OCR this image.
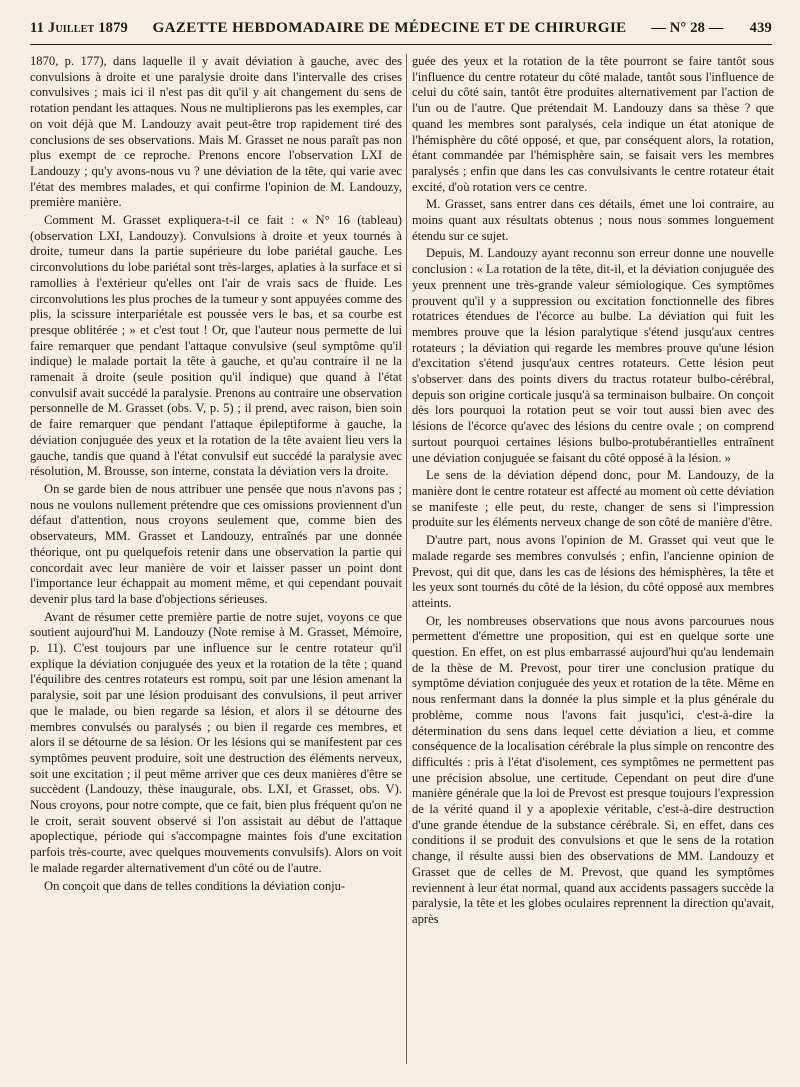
11 Juillet 1879 GAZETTE HEBDOMADAIRE DE MÉDECINE ET DE CHIRURGIE — N° 28 — 439

1870, p. 177), dans laquelle il y avait déviation à gauche, avec des convulsions à droite et une paralysie droite dans l'intervalle des crises convulsives ; mais ici il n'est pas dit qu'il y ait changement du sens de rotation pendant les attaques. Nous ne multiplierons pas les exemples, car on voit déjà que M. Landouzy avait peut-être trop rapidement tiré des conclusions de ses observations. Mais M. Grasset ne nous paraît pas non plus exempt de ce reproche. Prenons encore l'observation LXI de Landouzy ; qu'y avons-nous vu ? une déviation de la tête, qui varie avec l'état des membres malades, et qui confirme l'opinion de M. Landouzy, première manière.

Comment M. Grasset expliquera-t-il ce fait : « N° 16 (tableau) (observation LXI, Landouzy). Convulsions à droite et yeux tournés à droite, tumeur dans la partie supérieure du lobe pariétal gauche. Les circonvolutions du lobe pariétal sont très-larges, aplaties à la surface et si ramollies à l'extérieur qu'elles ont l'air de vrais sacs de fluide. Les circonvolutions les plus proches de la tumeur y sont appuyées comme des plis, la scissure interpariétale est poussée vers le bas, et sa courbe est presque oblitérée ; » et c'est tout ! Or, que l'auteur nous permette de lui faire remarquer que pendant l'attaque convulsive (seul symptôme qu'il indique) le malade portait la tête à gauche, et qu'au contraire il ne la ramenait à droite (seule position qu'il indique) que quand à l'état convulsif avait succédé la paralysie. Prenons au contraire une observation personnelle de M. Grasset (obs. V, p. 5) ; il prend, avec raison, bien soin de faire remarquer que pendant l'attaque épileptiforme à gauche, la déviation conjuguée des yeux et la rotation de la tête avaient lieu vers la gauche, tandis que quand à l'état convulsif eut succédé la paralysie avec résolution, M. Brousse, son interne, constata la déviation vers la droite.

On se garde bien de nous attribuer une pensée que nous n'avons pas ; nous ne voulons nullement prétendre que ces omissions proviennent d'un défaut d'attention, nous croyons seulement que, comme bien des observateurs, MM. Grasset et Landouzy, entraînés par une donnée théorique, ont pu quelquefois retenir dans une observation la partie qui concordait avec leur manière de voir et laisser passer un point dont l'importance leur échappait au moment même, et qui cependant pouvait devenir plus tard la base d'objections sérieuses.

Avant de résumer cette première partie de notre sujet, voyons ce que soutient aujourd'hui M. Landouzy (Note remise à M. Grasset, Mémoire, p. 11). C'est toujours par une influence sur le centre rotateur qu'il explique la déviation conjuguée des yeux et la rotation de la tête ; quand l'équilibre des centres rotateurs est rompu, soit par une lésion amenant la paralysie, soit par une lésion produisant des convulsions, il peut arriver que le malade, ou bien regarde sa lésion, et alors il se détourne des membres convulsés ou paralysés ; ou bien il regarde ces membres, et alors il se détourne de sa lésion. Or les lésions qui se manifestent par ces symptômes peuvent produire, soit une destruction des éléments nerveux, soit une excitation ; il peut même arriver que ces deux manières d'être se succèdent (Landouzy, thèse inaugurale, obs. LXI, et Grasset, obs. V). Nous croyons, pour notre compte, que ce fait, bien plus fréquent qu'on ne le croit, serait souvent observé si l'on assistait au début de l'attaque apoplectique, période qui s'accompagne maintes fois d'une excitation parfois très-courte, avec quelques mouvements convulsifs). Alors on voit le malade regarder alternativement d'un côté ou de l'autre.

On conçoit que dans de telles conditions la déviation conju-

guée des yeux et la rotation de la tête pourront se faire tantôt sous l'influence du centre rotateur du côté malade, tantôt sous l'influence de celui du côté sain, tantôt être produites alternativement par l'action de l'un ou de l'autre. Que prétendait M. Landouzy dans sa thèse ? que quand les membres sont paralysés, cela indique un état atonique de l'hémisphère du côté opposé, et que, par conséquent alors, la rotation, étant commandée par l'hémisphère sain, se faisait vers les membres paralysés ; enfin que dans les cas convulsivants le centre rotateur était excité, d'où rotation vers ce centre.

M. Grasset, sans entrer dans ces détails, émet une loi contraire, au moins quant aux résultats obtenus ; nous nous sommes longuement étendu sur ce sujet.

Depuis, M. Landouzy ayant reconnu son erreur donne une nouvelle conclusion : « La rotation de la tête, dit-il, et la déviation conjuguée des yeux prennent une très-grande valeur sémiologique. Ces symptômes prouvent qu'il y a suppression ou excitation fonctionnelle des fibres rotatrices étendues de l'écorce au bulbe. La déviation qui fuit les membres prouve que la lésion paralytique s'étend jusqu'aux centres rotateurs ; la déviation qui regarde les membres prouve qu'une lésion d'excitation s'étend jusqu'aux centres rotateurs. Cette lésion peut s'observer dans des points divers du tractus rotateur bulbo-cérébral, depuis son origine corticale jusqu'à sa terminaison bulbaire. On conçoit dès lors pourquoi la rotation peut se voir tout aussi bien avec des lésions de l'écorce qu'avec des lésions du centre ovale ; on comprend surtout pourquoi certaines lésions bulbo-protubérantielles entraînent une déviation conjuguée se faisant du côté opposé à la lésion. »

Le sens de la déviation dépend donc, pour M. Landouzy, de la manière dont le centre rotateur est affecté au moment où cette déviation se manifeste ; elle peut, du reste, changer de sens si l'impression produite sur les éléments nerveux change de son côté de manière d'être.

D'autre part, nous avons l'opinion de M. Grasset qui veut que le malade regarde ses membres convulsés ; enfin, l'ancienne opinion de Prevost, qui dit que, dans les cas de lésions des hémisphères, la tête et les yeux sont tournés du côté de la lésion, du côté opposé aux membres atteints.

Or, les nombreuses observations que nous avons parcourues nous permettent d'émettre une proposition, qui est en quelque sorte une question. En effet, on est plus embarrassé aujourd'hui qu'au lendemain de la thèse de M. Prevost, pour tirer une conclusion pratique du symptôme déviation conjuguée des yeux et rotation de la tête. Même en nous renfermant dans la donnée la plus simple et la plus générale du problème, comme nous l'avons fait jusqu'ici, c'est-à-dire la détermination du sens dans lequel cette déviation a lieu, et comme conséquence de la localisation cérébrale la plus simple on rencontre des difficultés : pris à l'état d'isolement, ces symptômes ne permettent pas une précision absolue, une certitude. Cependant on peut dire d'une manière générale que la loi de Prevost est presque toujours l'expression de la vérité quand il y a apoplexie véritable, c'est-à-dire destruction d'une grande étendue de la substance cérébrale. Si, en effet, dans ces conditions il se produit des convulsions et que le sens de la rotation change, il résulte aussi bien des observations de MM. Landouzy et Grasset que de celles de M. Prevost, que quand les symptômes reviennent à leur état normal, quand aux accidents passagers succède la paralysie, la tête et les globes oculaires reprennent la direction qu'avait, après
